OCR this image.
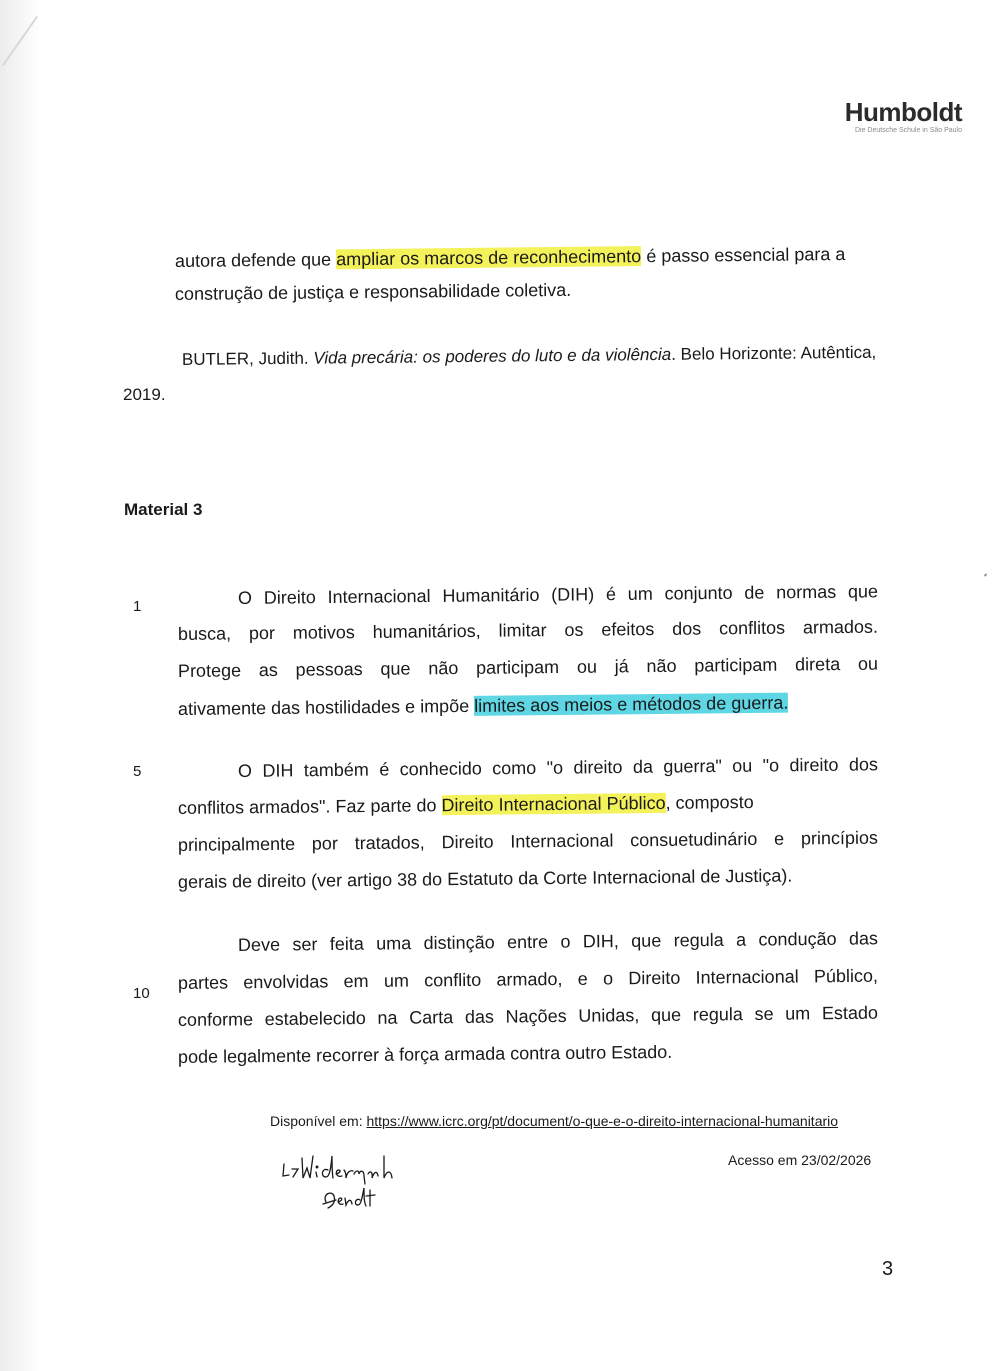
Humboldt
Die Deutsche Schule in São Paulo
autora defende que ampliar os marcos de reconhecimento é passo essencial para a
construção de justiça e responsabilidade coletiva.
BUTLER, Judith. Vida precária: os poderes do luto e da violência. Belo Horizonte: Autêntica,
2019.
Material 3
1
5
10
O Direito Internacional Humanitário (DIH) é um conjunto de normas que
busca, por motivos humanitários, limitar os efeitos dos conflitos armados.
Protege as pessoas que não participam ou já não participam direta ou
ativamente das hostilidades e impõe limites aos meios e métodos de guerra.
O DIH também é conhecido como "o direito da guerra" ou "o direito dos
conflitos armados". Faz parte do Direito Internacional Público, composto
principalmente por tratados, Direito Internacional consuetudinário e princípios
gerais de direito (ver artigo 38 do Estatuto da Corte Internacional de Justiça).
Deve ser feita uma distinção entre o DIH, que regula a condução das
partes envolvidas em um conflito armado, e o Direito Internacional Público,
conforme estabelecido na Carta das Nações Unidas, que regula se um Estado
pode legalmente recorrer à força armada contra outro Estado.
Disponível em: https://www.icrc.org/pt/document/o-que-e-o-direito-internacional-humanitario
Acesso em 23/02/2026
3
